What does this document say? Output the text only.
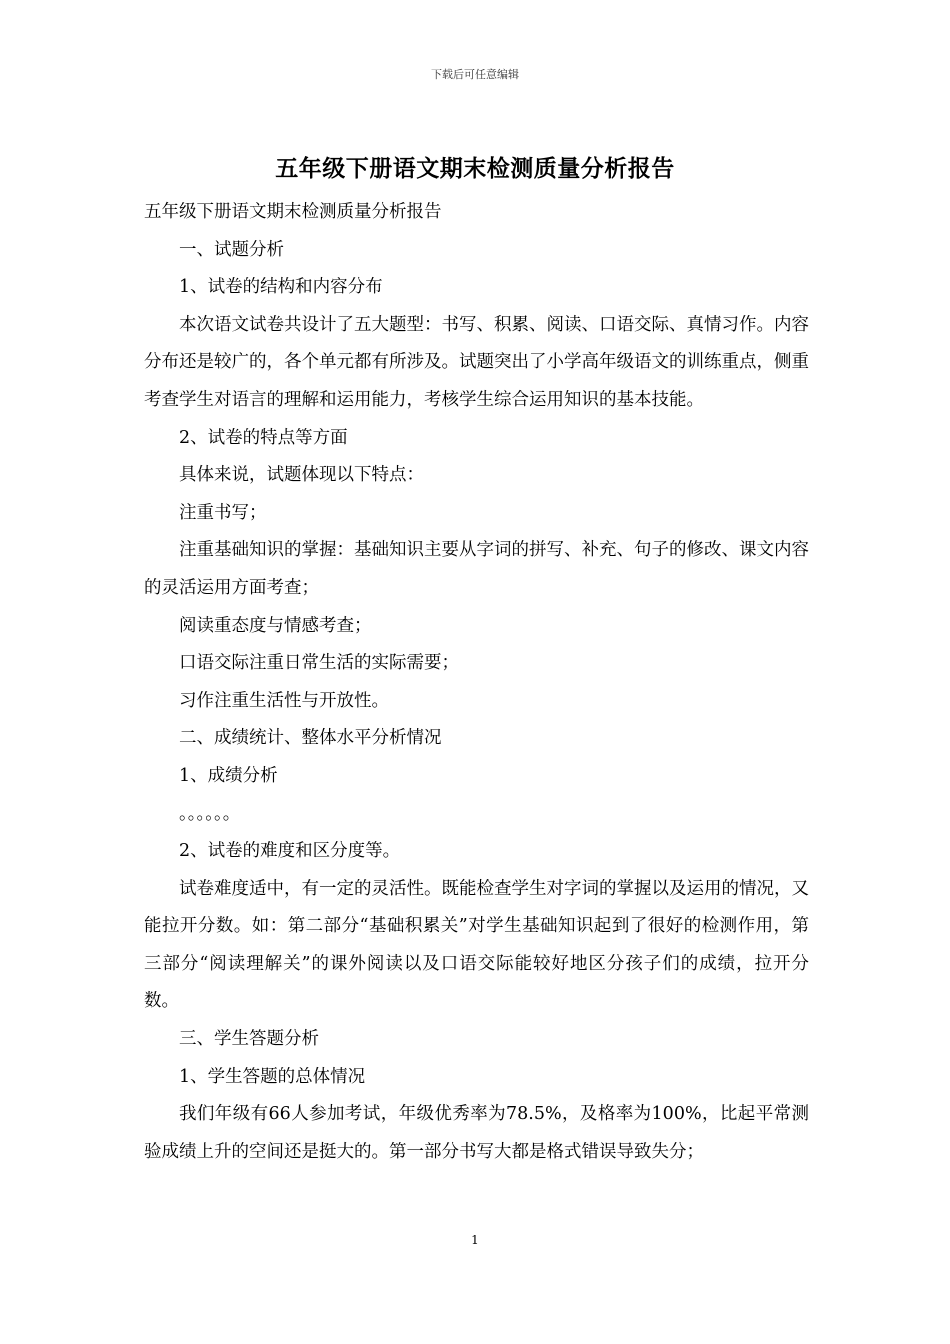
下载后可任意编辑
五年级下册语文期末检测质量分析报告

五年级下册语文期末检测质量分析报告

一、试题分析

1、试卷的结构和内容分布

本次语文试卷共设计了五大题型：书写、积累、阅读、口语交际、真情习作。内容分布还是较广的，各个单元都有所涉及。试题突出了小学高年级语文的训练重点，侧重考查学生对语言的理解和运用能力，考核学生综合运用知识的基本技能。

2、试卷的特点等方面

具体来说，试题体现以下特点：

注重书写；

注重基础知识的掌握：基础知识主要从字词的拼写、补充、句子的修改、课文内容的灵活运用方面考查；

阅读重态度与情感考查；

口语交际注重日常生活的实际需要；

习作注重生活性与开放性。

二、成绩统计、整体水平分析情况

1、成绩分析

。。。。。。

2、试卷的难度和区分度等。

试卷难度适中，有一定的灵活性。既能检查学生对字词的掌握以及运用的情况，又能拉开分数。如：第二部分“基础积累关”对学生基础知识起到了很好的检测作用，第三部分“阅读理解关”的课外阅读以及口语交际能较好地区分孩子们的成绩，拉开分数。

三、学生答题分析

1、学生答题的总体情况

我们年级有66人参加考试，年级优秀率为78.5%，及格率为100%，比起平常测验成绩上升的空间还是挺大的。第一部分书写大都是格式错误导致失分；

1
